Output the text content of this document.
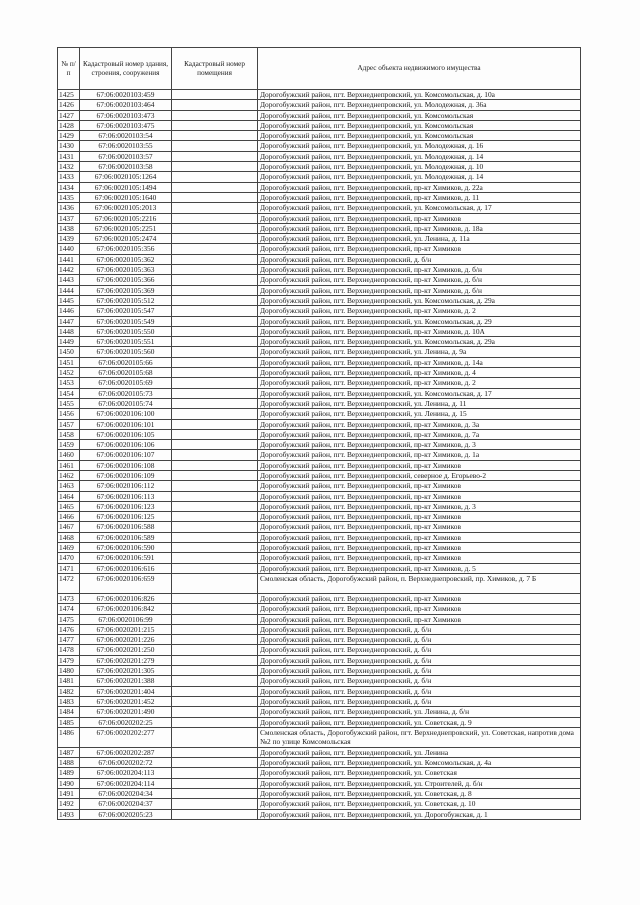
№ п/п	Кадастровый номер здания, строения, сооружения	Кадастровый номер помещения	Адрес объекта недвижимого имущества
1425	67:06:0020103:459		Дорогобужский район, пгт. Верхнеднепровский, ул. Комсомольская, д. 10а
1426	67:06:0020103:464		Дорогобужский район, пгт. Верхнеднепровский, ул. Молодежная, д. 36а
1427	67:06:0020103:473		Дорогобужский район, пгт. Верхнеднепровский, ул. Комсомольская
1428	67:06:0020103:475		Дорогобужский район, пгт. Верхнеднепровский, ул. Комсомольская
1429	67:06:0020103:54		Дорогобужский район, пгт. Верхнеднепровский, ул. Комсомольская
1430	67:06:0020103:55		Дорогобужский район, пгт. Верхнеднепровский, ул. Молодежная, д. 16
1431	67:06:0020103:57		Дорогобужский район, пгт. Верхнеднепровский, ул. Молодежная, д. 14
1432	67:06:0020103:58		Дорогобужский район, пгт. Верхнеднепровский, ул. Молодежная, д. 10
1433	67:06:0020105:1264		Дорогобужский район, пгт. Верхнеднепровский, ул. Молодежная, д. 14
1434	67:06:0020105:1494		Дорогобужский район, пгт. Верхнеднепровский, пр-кт Химиков, д. 22а
1435	67:06:0020105:1640		Дорогобужский район, пгт. Верхнеднепровский, пр-кт Химиков, д. 11
1436	67:06:0020105:2013		Дорогобужский район, пгт. Верхнеднепровский, ул. Комсомольская, д. 17
1437	67:06:0020105:2216		Дорогобужский район, пгт. Верхнеднепровский, пр-кт Химиков
1438	67:06:0020105:2251		Дорогобужский район, пгт. Верхнеднепровский, пр-кт Химиков, д. 18а
1439	67:06:0020105:2474		Дорогобужский район, пгт. Верхнеднепровский, ул. Ленина, д. 11а
1440	67:06:0020105:356		Дорогобужский район, пгт. Верхнеднепровский, пр-кт Химиков
1441	67:06:0020105:362		Дорогобужский район, пгт. Верхнеднепровский, д. б/н
1442	67:06:0020105:363		Дорогобужский район, пгт. Верхнеднепровский, пр-кт Химиков, д. б/н
1443	67:06:0020105:366		Дорогобужский район, пгт. Верхнеднепровский, пр-кт Химиков, д. б/н
1444	67:06:0020105:369		Дорогобужский район, пгт. Верхнеднепровский, пр-кт Химиков, д. б/н
1445	67:06:0020105:512		Дорогобужский район, пгт. Верхнеднепровский, ул. Комсомольская, д. 29а
1446	67:06:0020105:547		Дорогобужский район, пгт. Верхнеднепровский, пр-кт Химиков, д. 2
1447	67:06:0020105:549		Дорогобужский район, пгт. Верхнеднепровский, ул. Комсомольская, д. 29
1448	67:06:0020105:550		Дорогобужский район, пгт. Верхнеднепровский, пр-кт Химиков, д. 10А
1449	67:06:0020105:551		Дорогобужский район, пгт. Верхнеднепровский, ул. Комсомольская, д. 29а
1450	67:06:0020105:560		Дорогобужский район, пгт. Верхнеднепровский, ул. Ленина, д. 9а
1451	67:06:0020105:66		Дорогобужский район, пгт. Верхнеднепровский, пр-кт Химиков, д. 14а
1452	67:06:0020105:68		Дорогобужский район, пгт. Верхнеднепровский, пр-кт Химиков, д. 4
1453	67:06:0020105:69		Дорогобужский район, пгт. Верхнеднепровский, пр-кт Химиков, д. 2
1454	67:06:0020105:73		Дорогобужский район, пгт. Верхнеднепровский, ул. Комсомольская, д. 17
1455	67:06:0020105:74		Дорогобужский район, пгт. Верхнеднепровский, ул. Ленина, д. 11
1456	67:06:0020106:100		Дорогобужский район, пгт. Верхнеднепровский, ул. Ленина, д. 15
1457	67:06:0020106:101		Дорогобужский район, пгт. Верхнеднепровский, пр-кт Химиков, д. 3а
1458	67:06:0020106:105		Дорогобужский район, пгт. Верхнеднепровский, пр-кт Химиков, д. 7а
1459	67:06:0020106:106		Дорогобужский район, пгт. Верхнеднепровский, пр-кт Химиков, д. 3
1460	67:06:0020106:107		Дорогобужский район, пгт. Верхнеднепровский, пр-кт Химиков, д. 1а
1461	67:06:0020106:108		Дорогобужский район, пгт. Верхнеднепровский, пр-кт Химиков
1462	67:06:0020106:109		Дорогобужский район, пгт. Верхнеднепровский, северное д. Егорьево-2
1463	67:06:0020106:112		Дорогобужский район, пгт. Верхнеднепровский, пр-кт Химиков
1464	67:06:0020106:113		Дорогобужский район, пгт. Верхнеднепровский, пр-кт Химиков
1465	67:06:0020106:123		Дорогобужский район, пгт. Верхнеднепровский, пр-кт Химиков, д. 3
1466	67:06:0020106:125		Дорогобужский район, пгт. Верхнеднепровский, пр-кт Химиков
1467	67:06:0020106:588		Дорогобужский район, пгт. Верхнеднепровский, пр-кт Химиков
1468	67:06:0020106:589		Дорогобужский район, пгт. Верхнеднепровский, пр-кт Химиков
1469	67:06:0020106:590		Дорогобужский район, пгт. Верхнеднепровский, пр-кт Химиков
1470	67:06:0020106:591		Дорогобужский район, пгт. Верхнеднепровский, пр-кт Химиков
1471	67:06:0020106:616		Дорогобужский район, пгт. Верхнеднепровский, пр-кт Химиков, д. 5
1472	67:06:0020106:659		Смоленская область, Дорогобужский район, п. Верхнеднепровский, пр. Химиков, д. 7 Б
1473	67:06:0020106:826		Дорогобужский район, пгт. Верхнеднепровский, пр-кт Химиков
1474	67:06:0020106:842		Дорогобужский район, пгт. Верхнеднепровский, пр-кт Химиков
1475	67:06:0020106:99		Дорогобужский район, пгт. Верхнеднепровский, пр-кт Химиков
1476	67:06:0020201:215		Дорогобужский район, пгт. Верхнеднепровский, д. б/н
1477	67:06:0020201:226		Дорогобужский район, пгт. Верхнеднепровский, д. б/н
1478	67:06:0020201:250		Дорогобужский район, пгт. Верхнеднепровский, д. б/н
1479	67:06:0020201:279		Дорогобужский район, пгт. Верхнеднепровский, д. б/н
1480	67:06:0020201:305		Дорогобужский район, пгт. Верхнеднепровский, д. б/н
1481	67:06:0020201:388		Дорогобужский район, пгт. Верхнеднепровский, д. б/н
1482	67:06:0020201:404		Дорогобужский район, пгт. Верхнеднепровский, д. б/н
1483	67:06:0020201:452		Дорогобужский район, пгт. Верхнеднепровский, д. б/н
1484	67:06:0020201:490		Дорогобужский район, пгт. Верхнеднепровский, ул. Ленина, д. б/н
1485	67:06:0020202:25		Дорогобужский район, пгт. Верхнеднепровский, ул. Советская, д. 9
1486	67:06:0020202:277		Смоленская область, Дорогобужский район, пгт. Верхнеднепровский, ул. Советская, напротив дома №2 по улице Комсомольская
1487	67:06:0020202:287		Дорогобужский район, пгт. Верхнеднепровский, ул. Ленина
1488	67:06:0020202:72		Дорогобужский район, пгт. Верхнеднепровский, ул. Комсомольская, д. 4а
1489	67:06:0020204:113		Дорогобужский район, пгт. Верхнеднепровский, ул. Советская
1490	67:06:0020204:114		Дорогобужский район, пгт. Верхнеднепровский, ул. Строителей, д. б/н
1491	67:06:0020204:34		Дорогобужский район, пгт. Верхнеднепровский, ул. Советская, д. 8
1492	67:06:0020204:37		Дорогобужский район, пгт. Верхнеднепровский, ул. Советская, д. 10
1493	67:06:0020205:23		Дорогобужский район, пгт. Верхнеднепровский, ул. Дорогобужская, д. 1
